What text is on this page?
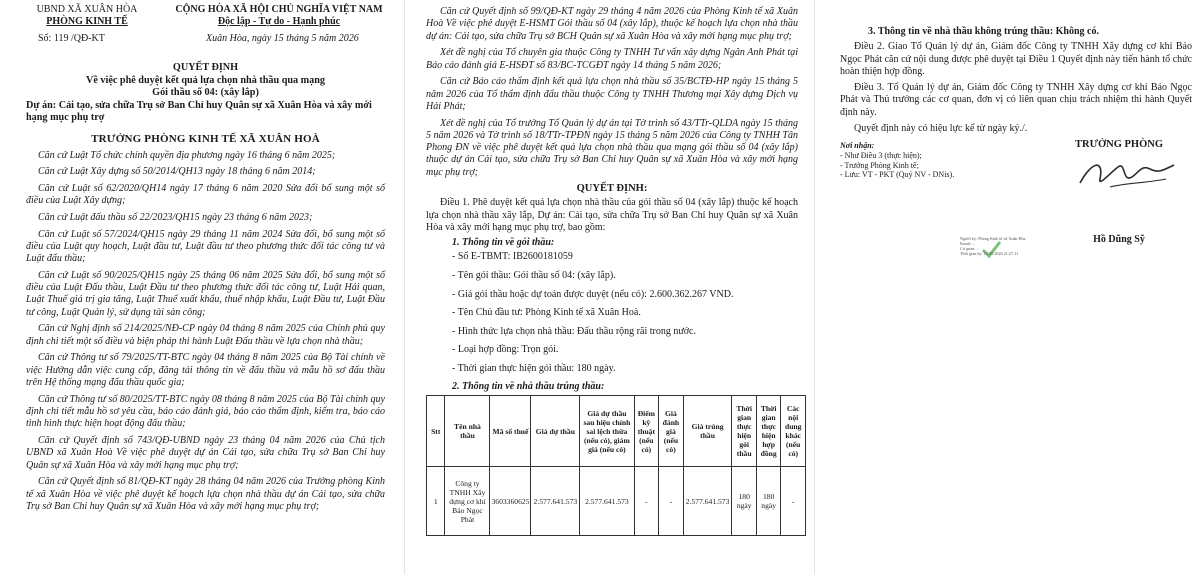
UBND XÃ XUÂN HÒA
PHÒNG KINH TẾ
CỘNG HÒA XÃ HỘI CHỦ NGHĨA VIỆT NAM
Độc lập - Tự do - Hạnh phúc
Số: 119 /QĐ-KT	Xuân Hòa, ngày 15 tháng 5 năm 2026
QUYẾT ĐỊNH
Về việc phê duyệt kết quả lựa chọn nhà thầu qua mạng
Gói thầu số 04: (xây lắp)
Dự án: Cải tạo, sửa chữa Trụ sở Ban Chỉ huy Quân sự xã Xuân Hòa và xây mới hạng mục phụ trợ
TRƯỞNG PHÒNG KINH TẾ XÃ XUÂN HOÀ

Căn cứ Luật Tổ chức chính quyền địa phương ngày 16 tháng 6 năm 2025;

Căn cứ Luật Xây dựng số 50/2014/QH13 ngày 18 tháng 6 năm 2014;

Căn cứ Luật số 62/2020/QH14 ngày 17 tháng 6 năm 2020 Sửa đổi bổ sung một số điều của Luật Xây dựng;

Căn cứ Luật đấu thầu số 22/2023/QH15 ngày 23 tháng 6 năm 2023;

Căn cứ Luật số 57/2024/QH15 ngày 29 tháng 11 năm 2024 Sửa đổi, bổ sung một số điều của Luật quy hoạch, Luật đầu tư, Luật đầu tư theo phương thức đối tác công tư và Luật đấu thầu;

Căn cứ Luật số 90/2025/QH15 ngày 25 tháng 06 năm 2025 Sửa đổi, bổ sung một số điều của Luật Đấu thầu, Luật Đầu tư theo phương thức đối tác công tư, Luật Hải quan, Luật Thuế giá trị gia tăng, Luật Thuế xuất khẩu, thuế nhập khẩu, Luật Đầu tư, Luật Đầu tư công, Luật Quản lý, sử dụng tài sản công;

Căn cứ Nghị định số 214/2025/NĐ-CP ngày 04 tháng 8 năm 2025 của Chính phủ quy định chi tiết một số điều và biện pháp thi hành Luật Đấu thầu về lựa chọn nhà thầu;

Căn cứ Thông tư số 79/2025/TT-BTC ngày 04 tháng 8 năm 2025 của Bộ Tài chính về việc Hướng dẫn việc cung cấp, đăng tải thông tin về đấu thầu và mẫu hồ sơ đấu thầu trên Hệ thống mạng đấu thầu quốc gia;

Căn cứ Thông tư số 80/2025/TT-BTC ngày 08 tháng 8 năm 2025 của Bộ Tài chính quy định chi tiết mẫu hồ sơ yêu cầu, báo cáo đánh giá, báo cáo thẩm định, kiểm tra, báo cáo tình hình thực hiện hoạt động đấu thầu;

Căn cứ Quyết định số 743/QĐ-UBND ngày 23 tháng 04 năm 2026 của Chủ tịch UBND xã Xuân Hoà Về việc phê duyệt dự án Cải tạo, sửa chữa Trụ sở Ban Chỉ huy Quân sự xã Xuân Hòa và xây mới hạng mục phụ trợ;

Căn cứ Quyết định số 81/QĐ-KT ngày 28 tháng 04 năm 2026 của Trưởng phòng Kinh tế xã Xuân Hòa về việc phê duyệt kế hoạch lựa chọn nhà thầu dự án Cải tạo, sửa chữa Trụ sở Ban Chỉ huy Quân sự xã Xuân Hòa và xây mới hạng mục phụ trợ;

Căn cứ Quyết định số 99/QĐ-KT ngày 29 tháng 4 năm 2026 của Phòng Kinh tế xã Xuân Hoà Về việc phê duyệt E-HSMT Gói thầu số 04 (xây lắp), thuộc kế hoạch lựa chọn nhà thầu dự án: Cải tạo, sửa chữa Trụ sở BCH Quân sự xã Xuân Hòa và xây mới hạng mục phụ trợ;

Xét đề nghị của Tổ chuyên gia thuộc Công ty TNHH Tư vấn xây dựng Ngân Anh Phát tại Báo cáo đánh giá E-HSĐT số 83/BC-TCGĐT ngày 14 tháng 5 năm 2026;

Căn cứ Báo cáo thẩm định kết quả lựa chọn nhà thầu số 35/BCTĐ-HP ngày 15 tháng 5 năm 2026 của Tổ thẩm định đấu thầu thuộc Công ty TNHH Thương mại Xây dựng Dịch vụ Hải Phát;

Xét đề nghị của Tổ trưởng Tổ Quản lý dự án tại Tờ trình số 43/TTr-QLDA ngày 15 tháng 5 năm 2026 và Tờ trình số 18/TTr-TPĐN ngày 15 tháng 5 năm 2026 của Công ty TNHH Tân Phong ĐN về việc phê duyệt kết quả lựa chọn nhà thầu qua mạng gói thầu số 04 (xây lắp) thuộc dự án Cải tạo, sửa chữa Trụ sở Ban Chỉ huy Quân sự xã Xuân Hòa và xây mới hạng mục phụ trợ;

QUYẾT ĐỊNH:

Điều 1. Phê duyệt kết quả lựa chọn nhà thầu của gói thầu số 04 (xây lắp) thuộc kế hoạch lựa chọn nhà thầu xây lắp, Dự án: Cải tạo, sửa chữa Trụ sở Ban Chỉ huy Quân sự xã Xuân Hòa và xây mới hạng mục phụ trợ, bao gồm:

1. Thông tin về gói thầu:
- Số E-TBMT: IB2600181059
- Tên gói thầu: Gói thầu số 04: (xây lắp).
- Giá gói thầu hoặc dự toán được duyệt (nếu có): 2.600.362.267 VND.
- Tên Chủ đầu tư: Phòng Kinh tế xã Xuân Hoà.
- Hình thức lựa chọn nhà thầu: Đấu thầu rộng rãi trong nước.
- Loại hợp đồng: Trọn gói.
- Thời gian thực hiện gói thầu: 180 ngày.
2. Thông tin về nhà thầu trúng thầu:
Stt	Tên nhà thầu	Mã số thuế	Giá dự thầu	Giá dự thầu sau hiệu chỉnh sai lệch thừa (nếu có), giảm giá (nếu có)	Điểm kỹ thuật (nếu có)	Giá đánh giá (nếu có)	Giá trúng thầu	Thời gian thực hiện gói thầu	Thời gian thực hiện hợp đồng	Các nội dung khác (nếu có)
1	Công ty TNHH Xây dựng cơ khí Bảo Ngọc Phát	3603360625	2.577.641.573	2.577.641.573	-	-	2.577.641.573	180 ngày	180 ngày	-

3. Thông tin về nhà thầu không trúng thầu: Không có.

Điều 2. Giao Tổ Quản lý dự án, Giám đốc Công ty TNHH Xây dựng cơ khí Bảo Ngọc Phát căn cứ nội dung được phê duyệt tại Điều 1 Quyết định này tiến hành tổ chức hoàn thiện hợp đồng.

Điều 3. Tổ Quản lý dự án, Giám đốc Công ty TNHH Xây dựng cơ khí Bảo Ngọc Phát và Thủ trưởng các cơ quan, đơn vị có liên quan chịu trách nhiệm thi hành Quyết định này.

Quyết định này có hiệu lực kể từ ngày ký./.

Nơi nhận:
- Như Điều 3 (thực hiện);
- Trưởng Phòng Kinh tế;
- Lưu: VT - PKT (Quý NV - DNis).
TRƯỞNG PHÒNG
Hồ Dũng Sỹ
Người ký: Phòng Kinh tế xã Xuân Hòa
Email: ...
Cơ quan: ...
Thời gian ký: 15.05.2026 21:27:11
